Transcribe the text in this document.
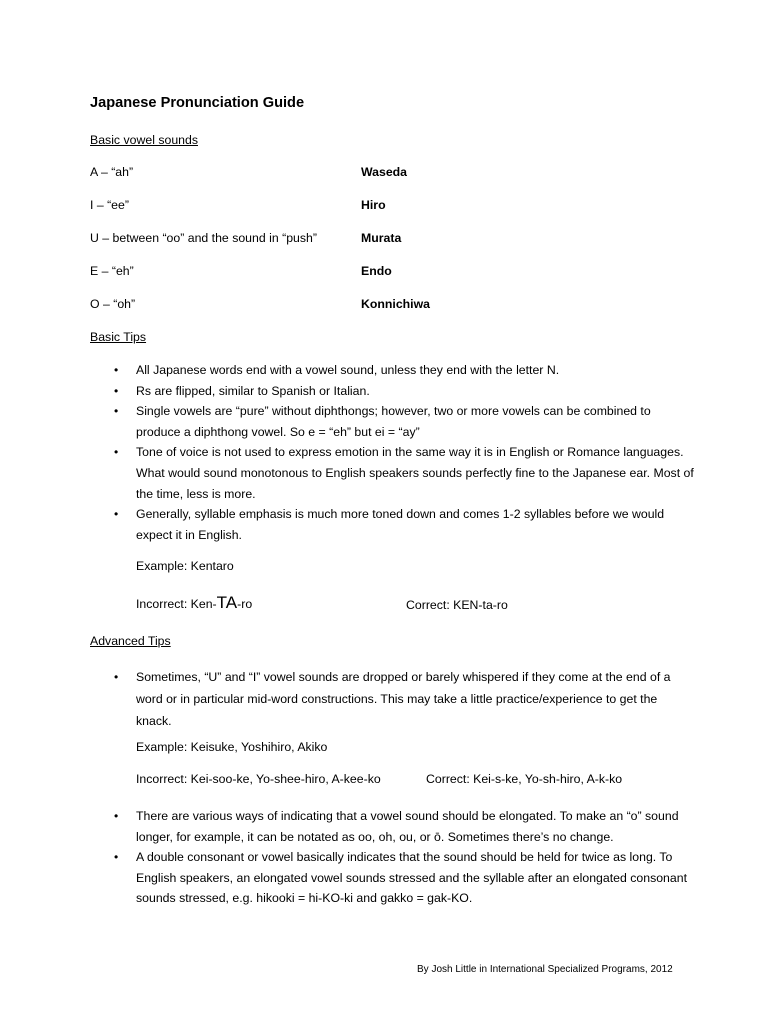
Japanese Pronunciation Guide
Basic vowel sounds
A – “ah”	Waseda
I – “ee”	Hiro
U – between “oo” and the sound in “push”	Murata
E – “eh”	Endo
O – “oh”	Konnichiwa
Basic Tips
• All Japanese words end with a vowel sound, unless they end with the letter N.
• Rs are flipped, similar to Spanish or Italian.
• Single vowels are “pure” without diphthongs; however, two or more vowels can be combined to produce a diphthong vowel. So e = “eh” but ei = “ay”
• Tone of voice is not used to express emotion in the same way it is in English or Romance languages. What would sound monotonous to English speakers sounds perfectly fine to the Japanese ear. Most of the time, less is more.
• Generally, syllable emphasis is much more toned down and comes 1-2 syllables before we would expect it in English.
Example: Kentaro
Incorrect: Ken-TA-ro	Correct: KEN-ta-ro
Advanced Tips
• Sometimes, “U” and “I” vowel sounds are dropped or barely whispered if they come at the end of a word or in particular mid-word constructions. This may take a little practice/experience to get the knack.
Example: Keisuke, Yoshihiro, Akiko
Incorrect: Kei-soo-ke, Yo-shee-hiro, A-kee-ko	Correct: Kei-s-ke, Yo-sh-hiro, A-k-ko
• There are various ways of indicating that a vowel sound should be elongated. To make an “o” sound longer, for example, it can be notated as oo, oh, ou, or ō. Sometimes there’s no change.
• A double consonant or vowel basically indicates that the sound should be held for twice as long. To English speakers, an elongated vowel sounds stressed and the syllable after an elongated consonant sounds stressed, e.g. hikooki = hi-KO-ki and gakko = gak-KO.
By Josh Little in International Specialized Programs, 2012
